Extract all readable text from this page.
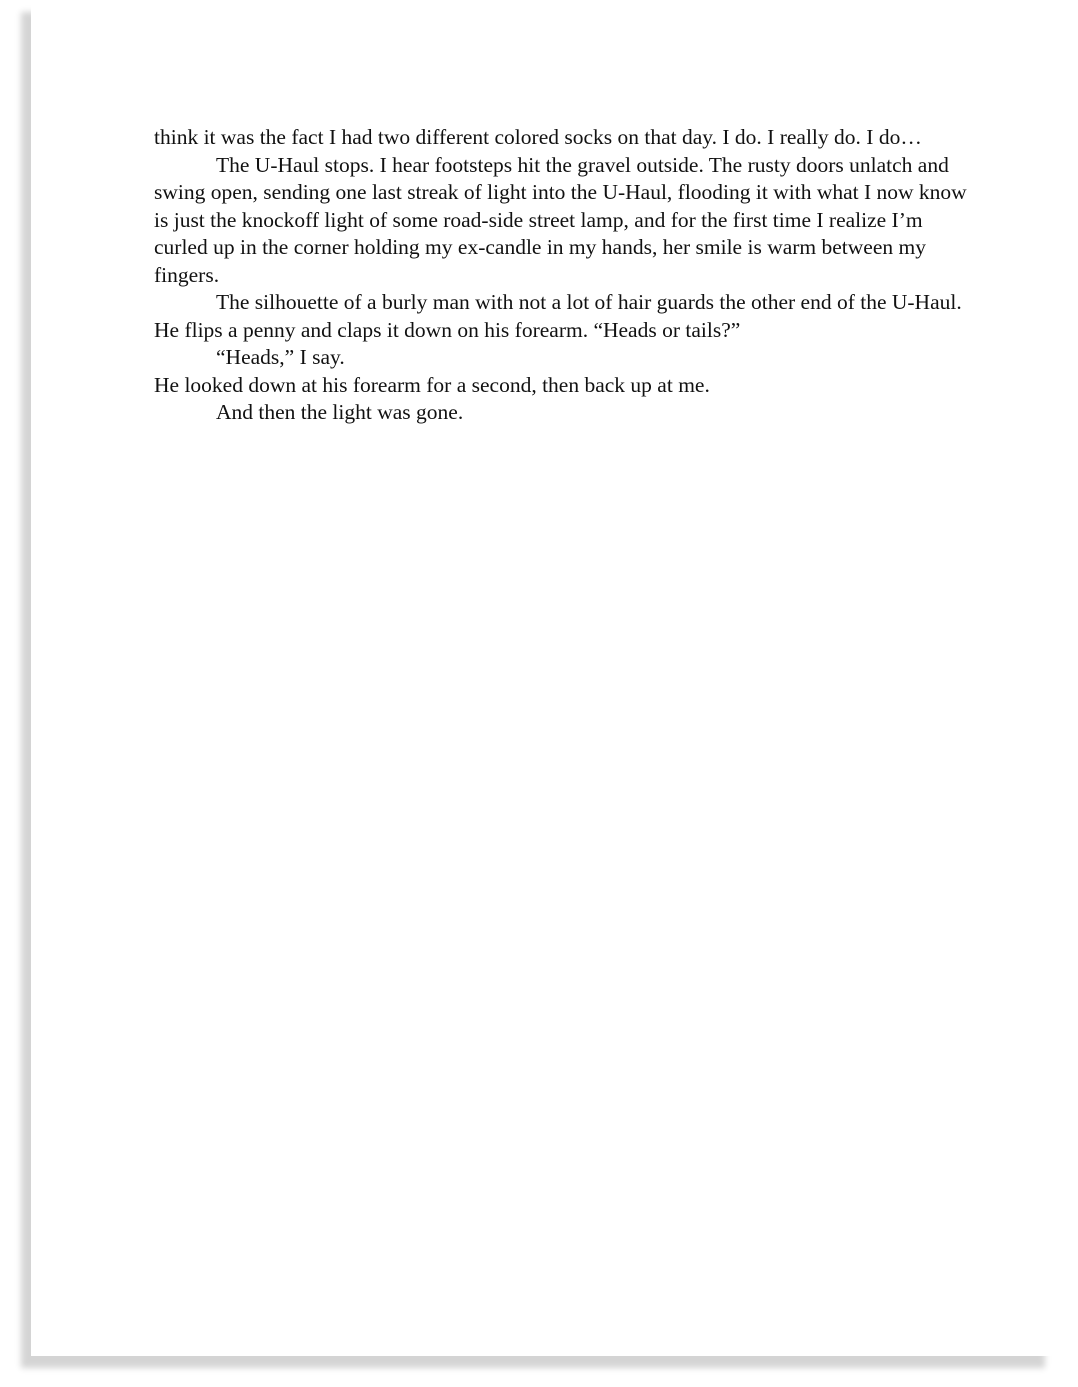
think it was the fact I had two different colored socks on that day. I do. I really do. I do…

The U-Haul stops. I hear footsteps hit the gravel outside. The rusty doors unlatch and swing open, sending one last streak of light into the U-Haul, flooding it with what I now know is just the knockoff light of some road-side street lamp, and for the first time I realize I’m curled up in the corner holding my ex-candle in my hands, her smile is warm between my fingers.

The silhouette of a burly man with not a lot of hair guards the other end of the U-Haul. He flips a penny and claps it down on his forearm. “Heads or tails?”

“Heads,” I say.

He looked down at his forearm for a second, then back up at me.

And then the light was gone.
